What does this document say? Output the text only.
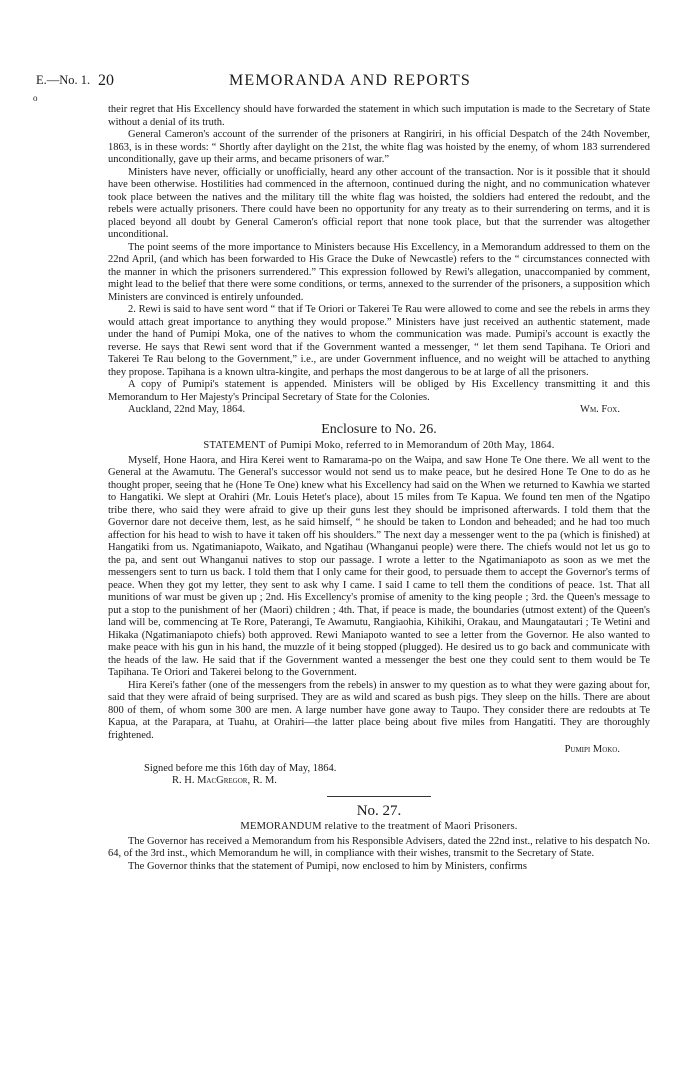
E.—No. 1. 20	MEMORANDA AND REPORTS
o

their regret that His Excellency should have forwarded the statement in which such imputation is made to the Secretary of State without a denial of its truth.

General Cameron's account of the surrender of the prisoners at Rangiriri, in his official Despatch of the 24th November, 1863, is in these words: “ Shortly after daylight on the 21st, the white flag was hoisted by the enemy, of whom 183 surrendered unconditionally, gave up their arms, and became prisoners of war.”

Ministers have never, officially or unofficially, heard any other account of the transaction. Nor is it possible that it should have been otherwise. Hostilities had commenced in the afternoon, continued during the night, and no communication whatever took place between the natives and the military till the white flag was hoisted, the soldiers had entered the redoubt, and the rebels were actually prisoners. There could have been no opportunity for any treaty as to their surrendering on terms, and it is placed beyond all doubt by General Cameron's official report that none took place, but that the surrender was altogether unconditional.

The point seems of the more importance to Ministers because His Excellency, in a Memorandum addressed to them on the 22nd April, (and which has been forwarded to His Grace the Duke of Newcastle) refers to the “ circumstances connected with the manner in which the prisoners surrendered.” This expression followed by Rewi's allegation, unaccompanied by comment, might lead to the belief that there were some conditions, or terms, annexed to the surrender of the prisoners, a supposition which Ministers are convinced is entirely unfounded.

2. Rewi is said to have sent word “ that if Te Oriori or Takerei Te Rau were allowed to come and see the rebels in arms they would attach great importance to anything they would propose.” Ministers have just received an authentic statement, made under the hand of Pumipi Moka, one of the natives to whom the communication was made. Pumipi's account is exactly the reverse. He says that Rewi sent word that if the Government wanted a messenger, “ let them send Tapihana. Te Oriori and Takerei Te Rau belong to the Government,” i.e., are under Government influence, and no weight will be attached to anything they propose. Tapihana is a known ultra-kingite, and perhaps the most dangerous to be at large of all the prisoners.

A copy of Pumipi's statement is appended. Ministers will be obliged by His Excellency transmitting it and this Memorandum to Her Majesty's Principal Secretary of State for the Colonies.

Auckland, 22nd May, 1864.	Wm. Fox.
Enclosure to No. 26.
STATEMENT of Pumipi Moko, referred to in Memorandum of 20th May, 1864.

Myself, Hone Haora, and Hira Kerei went to Ramarama-po on the Waipa, and saw Hone Te One there. We all went to the General at the Awamutu. The General's successor would not send us to make peace, but he desired Hone Te One to do as he thought proper, seeing that he (Hone Te One) knew what his Excellency had said on the When we returned to Kawhia we started to Hangatiki. We slept at Orahiri (Mr. Louis Hetet's place), about 15 miles from Te Kapua. We found ten men of the Ngatipo tribe there, who said they were afraid to give up their guns lest they should be imprisoned afterwards. I told them that the Governor dare not deceive them, lest, as he said himself, “ he should be taken to London and beheaded; and he had too much affection for his head to wish to have it taken off his shoulders.” The next day a messenger went to the pa (which is finished) at Hangatiki from us. Ngatimaniapoto, Waikato, and Ngatihau (Whanganui people) were there. The chiefs would not let us go to the pa, and sent out Whanganui natives to stop our passage. I wrote a letter to the Ngatimaniapoto as soon as we met the messengers sent to turn us back. I told them that I only came for their good, to persuade them to accept the Governor's terms of peace. When they got my letter, they sent to ask why I came. I said I came to tell them the conditions of peace. 1st. That all munitions of war must be given up ; 2nd. His Excellency's promise of amenity to the king people ; 3rd. the Queen's message to put a stop to the punishment of her (Maori) children ; 4th. That, if peace is made, the boundaries (utmost extent) of the Queen's land will be, commencing at Te Rore, Paterangi, Te Awamutu, Rangiaohia, Kihikihi, Orakau, and Maungatautari ; Te Wetini and Hikaka (Ngatimaniapoto chiefs) both approved. Rewi Maniapoto wanted to see a letter from the Governor. He also wanted to make peace with his gun in his hand, the muzzle of it being stopped (plugged). He desired us to go back and communicate with the heads of the law. He said that if the Government wanted a messenger the best one they could sent to them would be Te Tapihana. Te Oriori and Takerei belong to the Government.

Hira Kerei's father (one of the messengers from the rebels) in answer to my question as to what they were gazing about for, said that they were afraid of being surprised. They are as wild and scared as bush pigs. They sleep on the hills. There are about 800 of them, of whom some 300 are men. A large number have gone away to Taupo. They consider there are redoubts at Te Kapua, at the Parapara, at Tuahu, at Orahiri—the latter place being about five miles from Hangatiti. They are thoroughly frightened.

Pumipi Moko.
Signed before me this 16th day of May, 1864.
R. H. MacGregor, R. M.
No. 27.
MEMORANDUM relative to the treatment of Maori Prisoners.

The Governor has received a Memorandum from his Responsible Advisers, dated the 22nd inst., relative to his despatch No. 64, of the 3rd inst., which Memorandum he will, in compliance with their wishes, transmit to the Secretary of State.

The Governor thinks that the statement of Pumipi, now enclosed to him by Ministers, confirms
